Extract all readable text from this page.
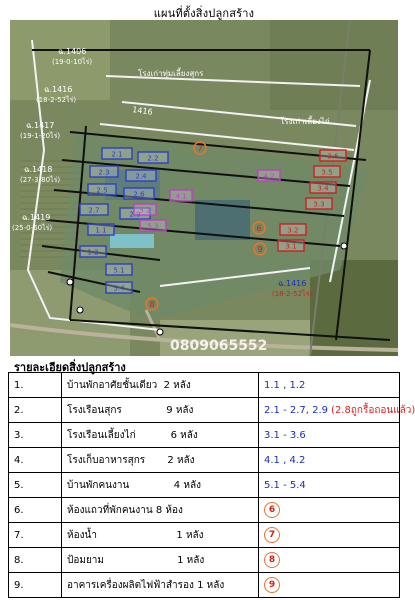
แผนที่ตั้งสิ่งปลูกสร้าง
ฉ.1406
(19-0-10ไร่)
ฉ.1416
(18-2-52ไร่)
ฉ.1417
(19-1-20ไร่)
ฉ.1418
(27-3-80ไร่)
ฉ.1419
(25-0-60ไร่)
ฉ.1416
(18-2-52ไร่)
โรงเก่าทุ่มเลี้ยงสุกร
โรงเก่าเลี้ยงไก่
1416
2.1	2.2
2.3	2.4
2.5	2.6
2.7	2.9
1.1
1.2
3.1
3.2
3.3
3.4
3.5
3.6
4.1
4.2
5.1
5.2
5.3
5.4
6
7
8
9
0809065552
รายละเอียดสิ่งปลูกสร้าง
1.	บ้านพักอาศัยชั้นเดียว  2 หลัง	1.1 , 1.2
2.	โรงเรือนสุกร              9 หลัง	2.1 - 2.7, 2.9 (2.8ถูกรื้อถอนแล้ว)
3.	โรงเรือนเลี้ยงไก่           6 หลัง	3.1 - 3.6
4.	โรงเก็บอาหารสุกร       2 หลัง	4.1 , 4.2
5.	บ้านพักคนงาน              4 หลัง	5.1 - 5.4
6.	ห้องแถวที่พักคนงาน 8 ห้อง	6
7.	ห้องน้ำ                         1 หลัง	7
8.	ป้อมยาม                       1 หลัง	8
9.	อาคารเครื่องผลิตไฟฟ้าสำรอง 1 หลัง	9
